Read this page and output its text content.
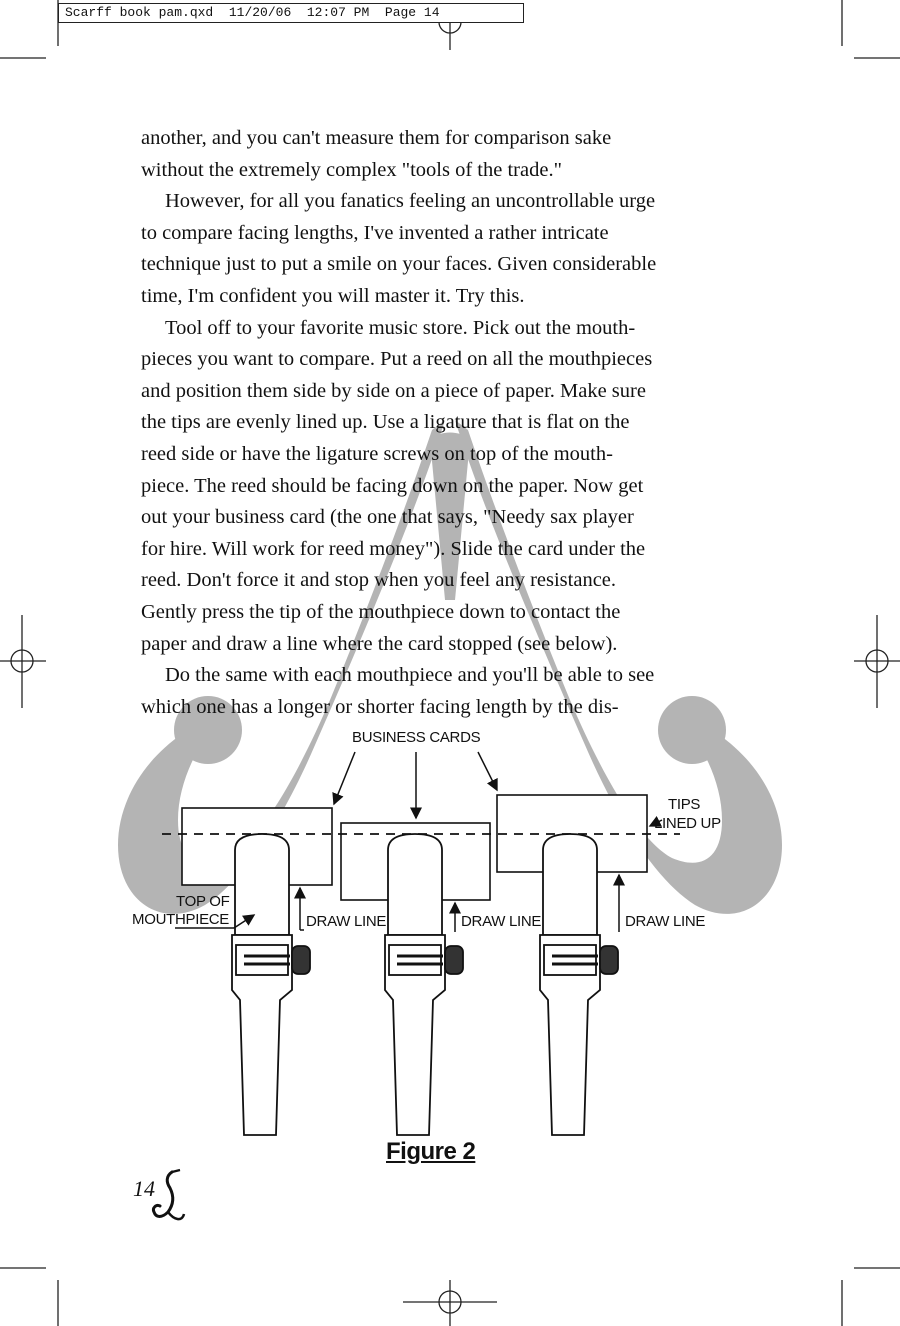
Scarff book pam.qxd 11/20/06 12:07 PM Page 14

another, and you can't measure them for comparison sake
without the extremely complex "tools of the trade."

However, for all you fanatics feeling an uncontrollable urge
to compare facing lengths, I've invented a rather intricate
technique just to put a smile on your faces. Given considerable
time, I'm confident you will master it. Try this.

Tool off to your favorite music store. Pick out the mouth-
pieces you want to compare. Put a reed on all the mouthpieces
and position them side by side on a piece of paper. Make sure
the tips are evenly lined up. Use a ligature that is flat on the
reed side or have the ligature screws on top of the mouth-
piece. The reed should be facing down on the paper. Now get
out your business card (the one that says, "Needy sax player
for hire. Will work for reed money"). Slide the card under the
reed. Don't force it and stop when you feel any resistance.
Gently press the tip of the mouthpiece down to contact the
paper and draw a line where the card stopped (see below).

Do the same with each mouthpiece and you'll be able to see
which one has a longer or shorter facing length by the dis-

BUSINESS CARDS
TIPS
LINED UP
TOP OF
MOUTHPIECE	DRAW LINE	DRAW LINE	DRAW LINE
Figure 2
14
